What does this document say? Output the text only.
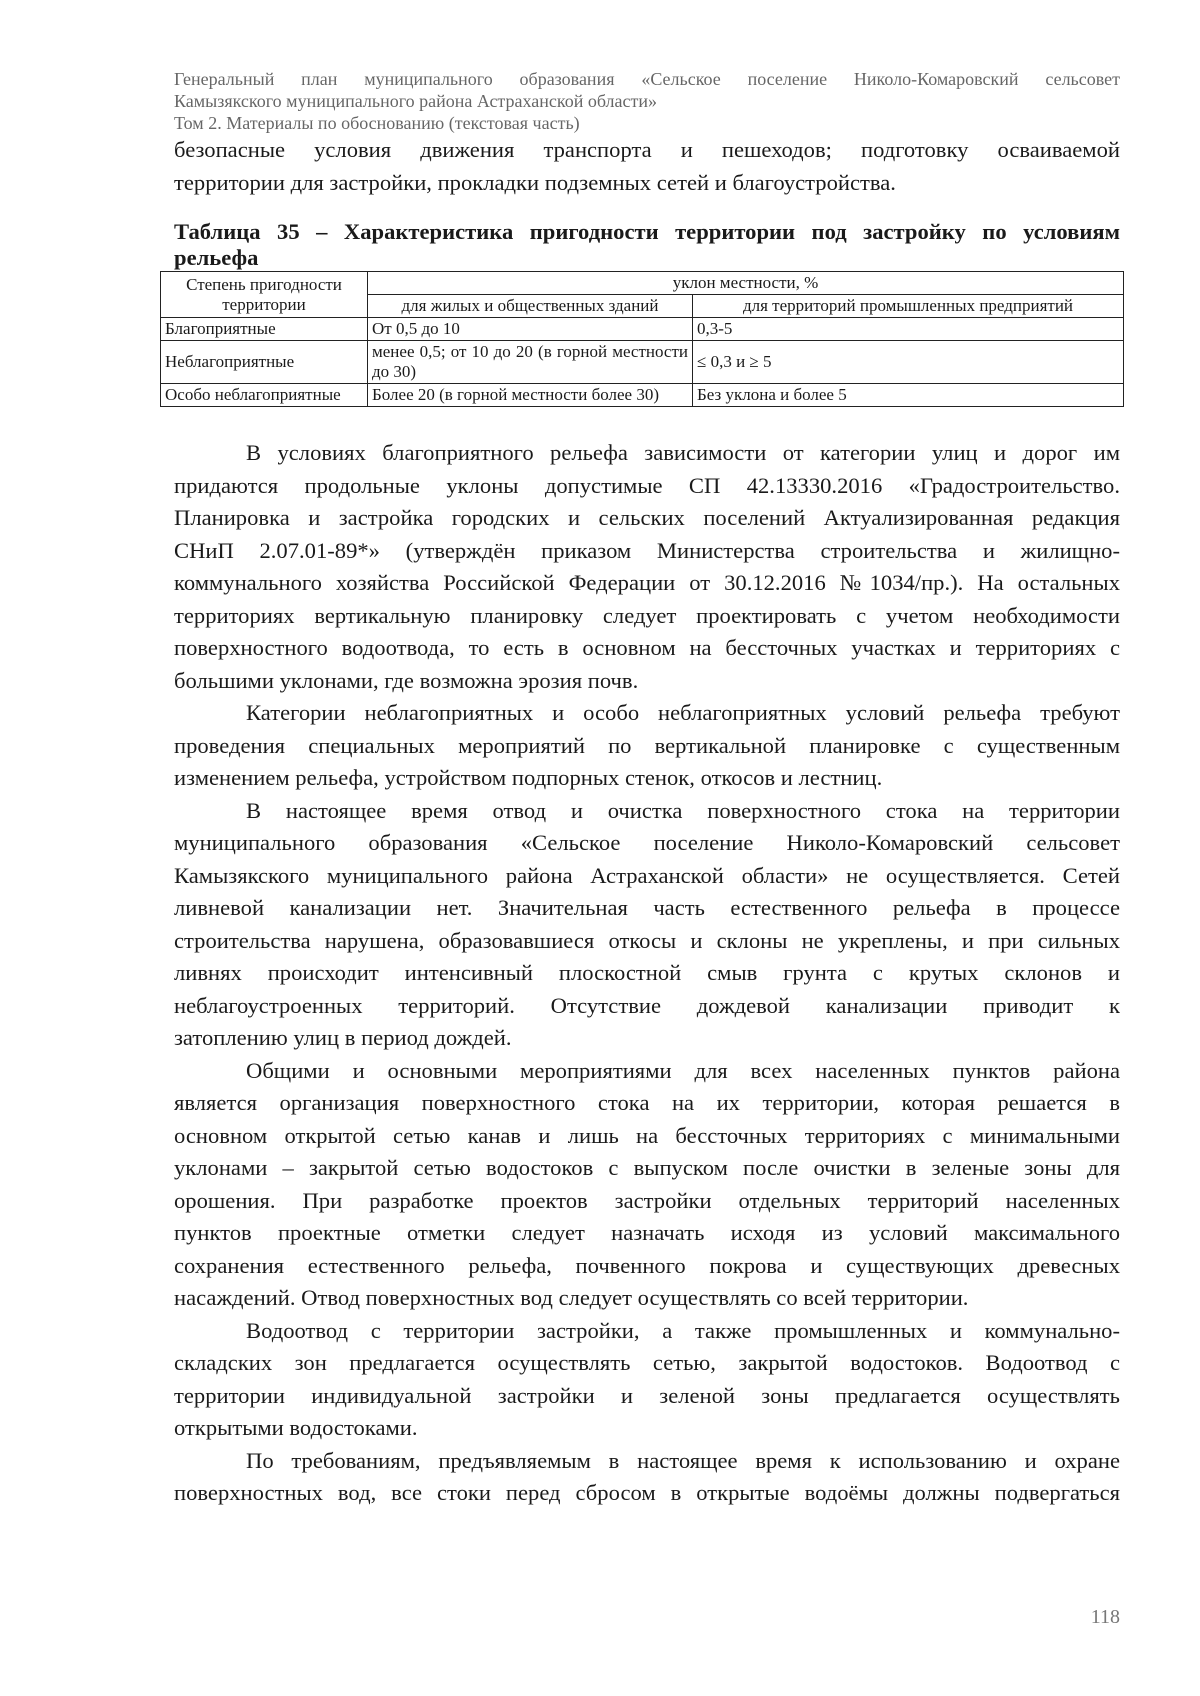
Генеральный план муниципального образования «Сельское поселение Николо-Комаровский сельсовет
Камызякского муниципального района Астраханской области»
Том 2. Материалы по обоснованию (текстовая часть)
безопасные условия движения транспорта и пешеходов; подготовку осваиваемой
территории для застройки, прокладки подземных сетей и благоустройства.
Таблица 35 – Характеристика пригодности территории под застройку по условиям
рельефа
Степень пригодности территории	уклон местности, %	
	для жилых и общественных зданий	для территорий промышленных предприятий
Благоприятные	От 0,5 до 10	0,3-5
Неблагоприятные	менее 0,5; от 10 до 20 (в горной местности до 30)	≤ 0,3 и ≥ 5
Особо неблагоприятные	Более 20 (в горной местности более 30)	Без уклона и более 5
В условиях благоприятного рельефа зависимости от категории улиц и дорог им
придаются продольные уклоны допустимые СП 42.13330.2016 «Градостроительство.
Планировка и застройка городских и сельских поселений Актуализированная редакция
СНиП 2.07.01-89*» (утверждён приказом Министерства строительства и жилищно-
коммунального хозяйства Российской Федерации от 30.12.2016 №1034/пр.). На остальных
территориях вертикальную планировку следует проектировать с учетом необходимости
поверхностного водоотвода, то есть в основном на бессточных участках и территориях с
большими уклонами, где возможна эрозия почв.
Категории неблагоприятных и особо неблагоприятных условий рельефа требуют
проведения специальных мероприятий по вертикальной планировке с существенным
изменением рельефа, устройством подпорных стенок, откосов и лестниц.
В настоящее время отвод и очистка поверхностного стока на территории
муниципального образования «Сельское поселение Николо-Комаровский сельсовет
Камызякского муниципального района Астраханской области» не осуществляется. Сетей
ливневой канализации нет. Значительная часть естественного рельефа в процессе
строительства нарушена, образовавшиеся откосы и склоны не укреплены, и при сильных
ливнях происходит интенсивный плоскостной смыв грунта с крутых склонов и
неблагоустроенных территорий. Отсутствие дождевой канализации приводит к
затоплению улиц в период дождей.
Общими и основными мероприятиями для всех населенных пунктов района
является организация поверхностного стока на их территории, которая решается в
основном открытой сетью канав и лишь на бессточных территориях с минимальными
уклонами – закрытой сетью водостоков с выпуском после очистки в зеленые зоны для
орошения. При разработке проектов застройки отдельных территорий населенных
пунктов проектные отметки следует назначать исходя из условий максимального
сохранения естественного рельефа, почвенного покрова и существующих древесных
насаждений. Отвод поверхностных вод следует осуществлять со всей территории.
Водоотвод с территории застройки, а также промышленных и коммунально-
складских зон предлагается осуществлять сетью, закрытой водостоков. Водоотвод с
территории индивидуальной застройки и зеленой зоны предлагается осуществлять
открытыми водостоками.
По требованиям, предъявляемым в настоящее время к использованию и охране
поверхностных вод, все стоки перед сбросом в открытые водоёмы должны подвергаться
118
